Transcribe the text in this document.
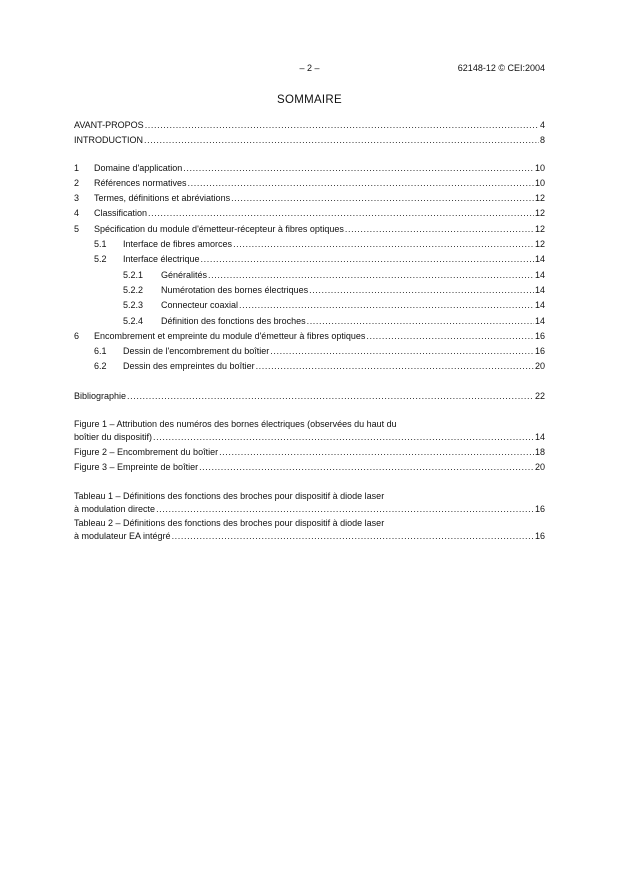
– 2 –	62148-12 © CEI:2004
SOMMAIRE
AVANT-PROPOS .....	4
INTRODUCTION .....	8
1 Domaine d'application .....	10
2 Références normatives .....	10
3 Termes, définitions et abréviations .....	12
4 Classification .....	12
5 Spécification du module d'émetteur-récepteur à fibres optiques .....	12
5.1 Interface de fibres amorces .....	12
5.2 Interface électrique .....	14
5.2.1 Généralités .....	14
5.2.2 Numérotation des bornes électriques .....	14
5.2.3 Connecteur coaxial .....	14
5.2.4 Définition des fonctions des broches .....	14
6 Encombrement et empreinte du module d'émetteur à fibres optiques .....	16
6.1 Dessin de l'encombrement du boîtier .....	16
6.2 Dessin des empreintes du boîtier .....	20
Bibliographie .....	22
Figure 1 – Attribution des numéros des bornes électriques (observées du haut du
boîtier du dispositif) .....	14
Figure 2 – Encombrement du boîtier .....	18
Figure 3 – Empreinte de boîtier .....	20
Tableau 1 – Définitions des fonctions des broches pour dispositif à diode laser
à modulation directe .....	16
Tableau 2 – Définitions des fonctions des broches pour dispositif à diode laser
à modulateur EA intégré .....	16
